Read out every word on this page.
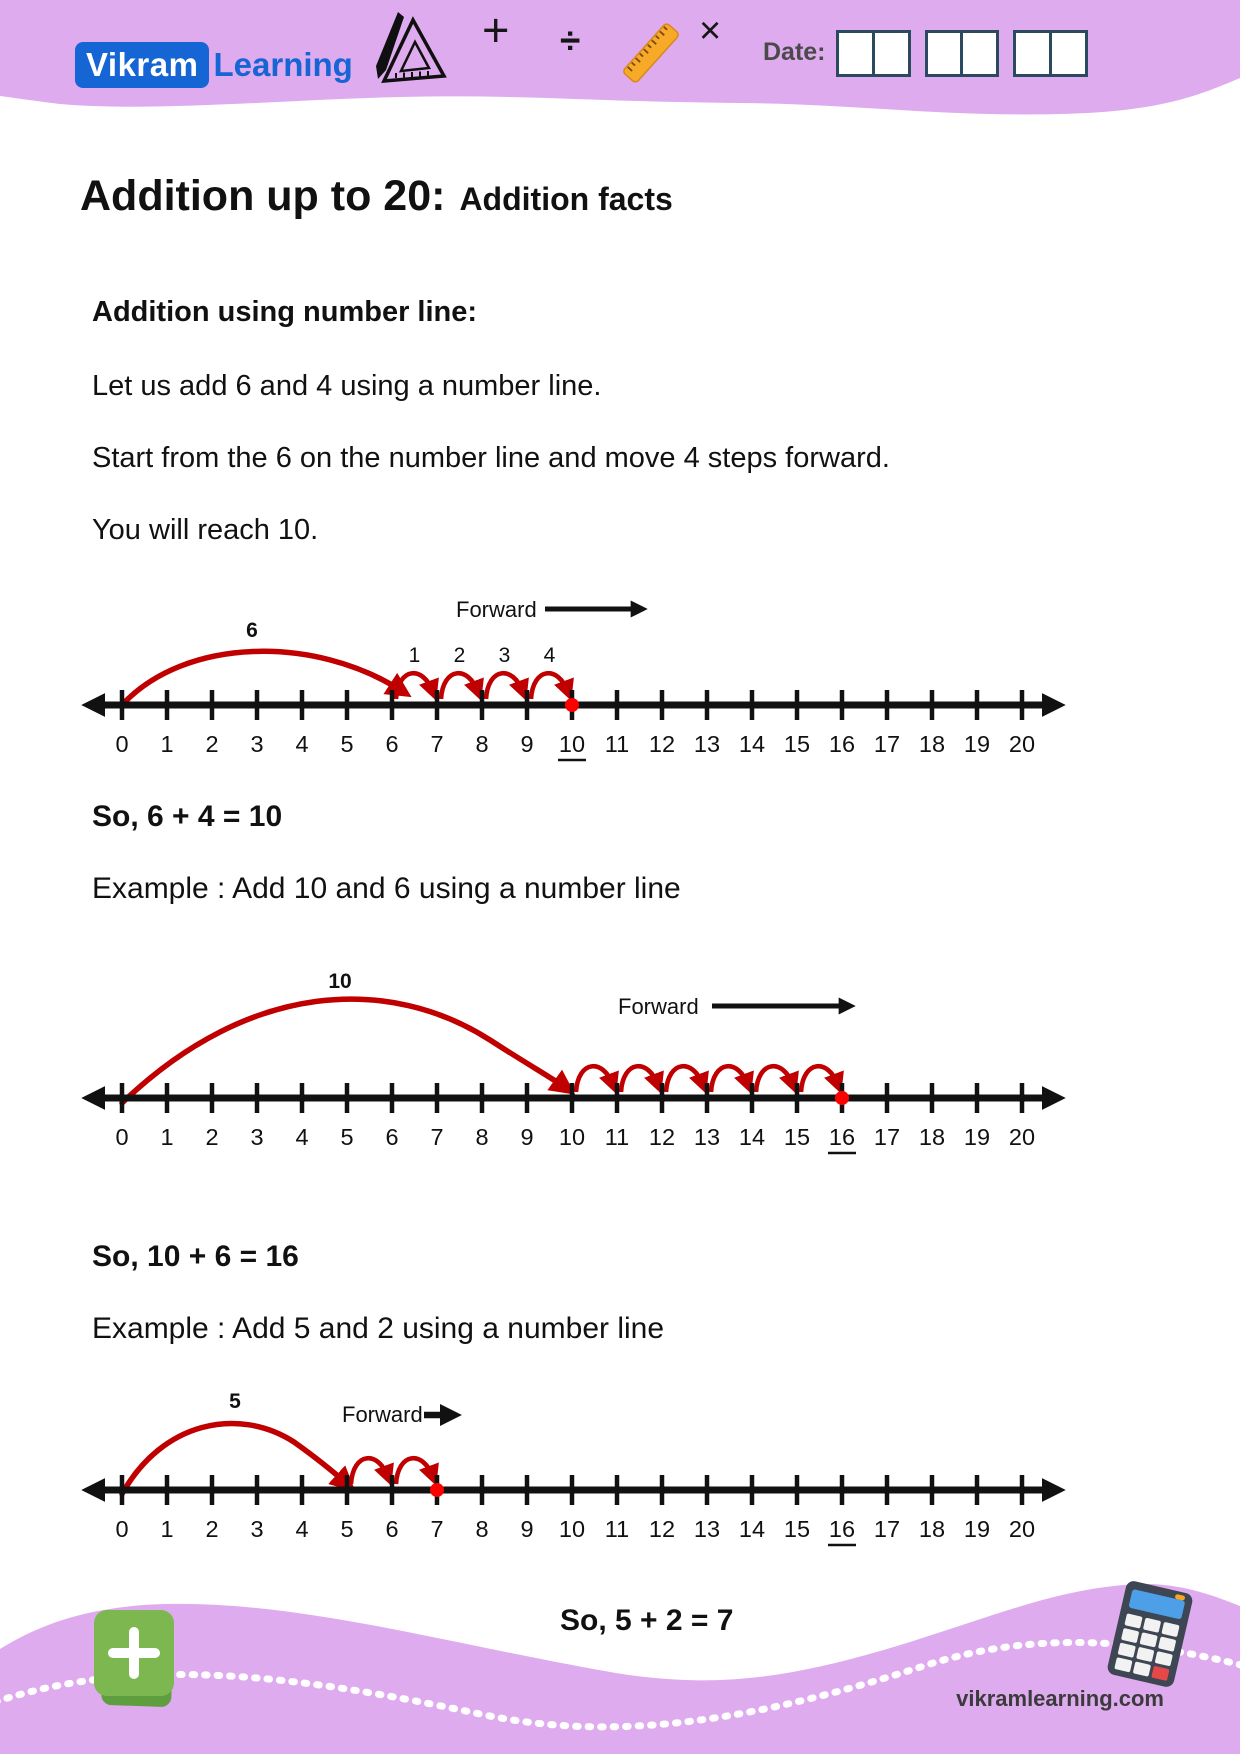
Vikram Learning
+ ÷	× Date:
Addition up to 20: Addition facts
Addition using number line:

Let us add 6 and 4 using a number line.

Start from the 6 on the number line and move 4 steps forward.

You will reach 10.

Forward
6
1 2 3 4
0 1 2 3 4 5 6 7 8 9 10 11 12 13 14 15 16 17 18 19 20
So, 6 + 4 = 10
Example : Add 10 and 6 using a number line
Forward
10
0 1 2 3 4 5 6 7 8 9 10 11 12 13 14 15 16 17 18 19 20
So, 10 + 6 = 16
Example : Add 5 and 2 using a number line
Forward
5
0 1 2 3 4 5 6 7 8 9 10 11 12 13 14 15 16 17 18 19 20
So, 5 + 2 = 7
vikramlearning.com
